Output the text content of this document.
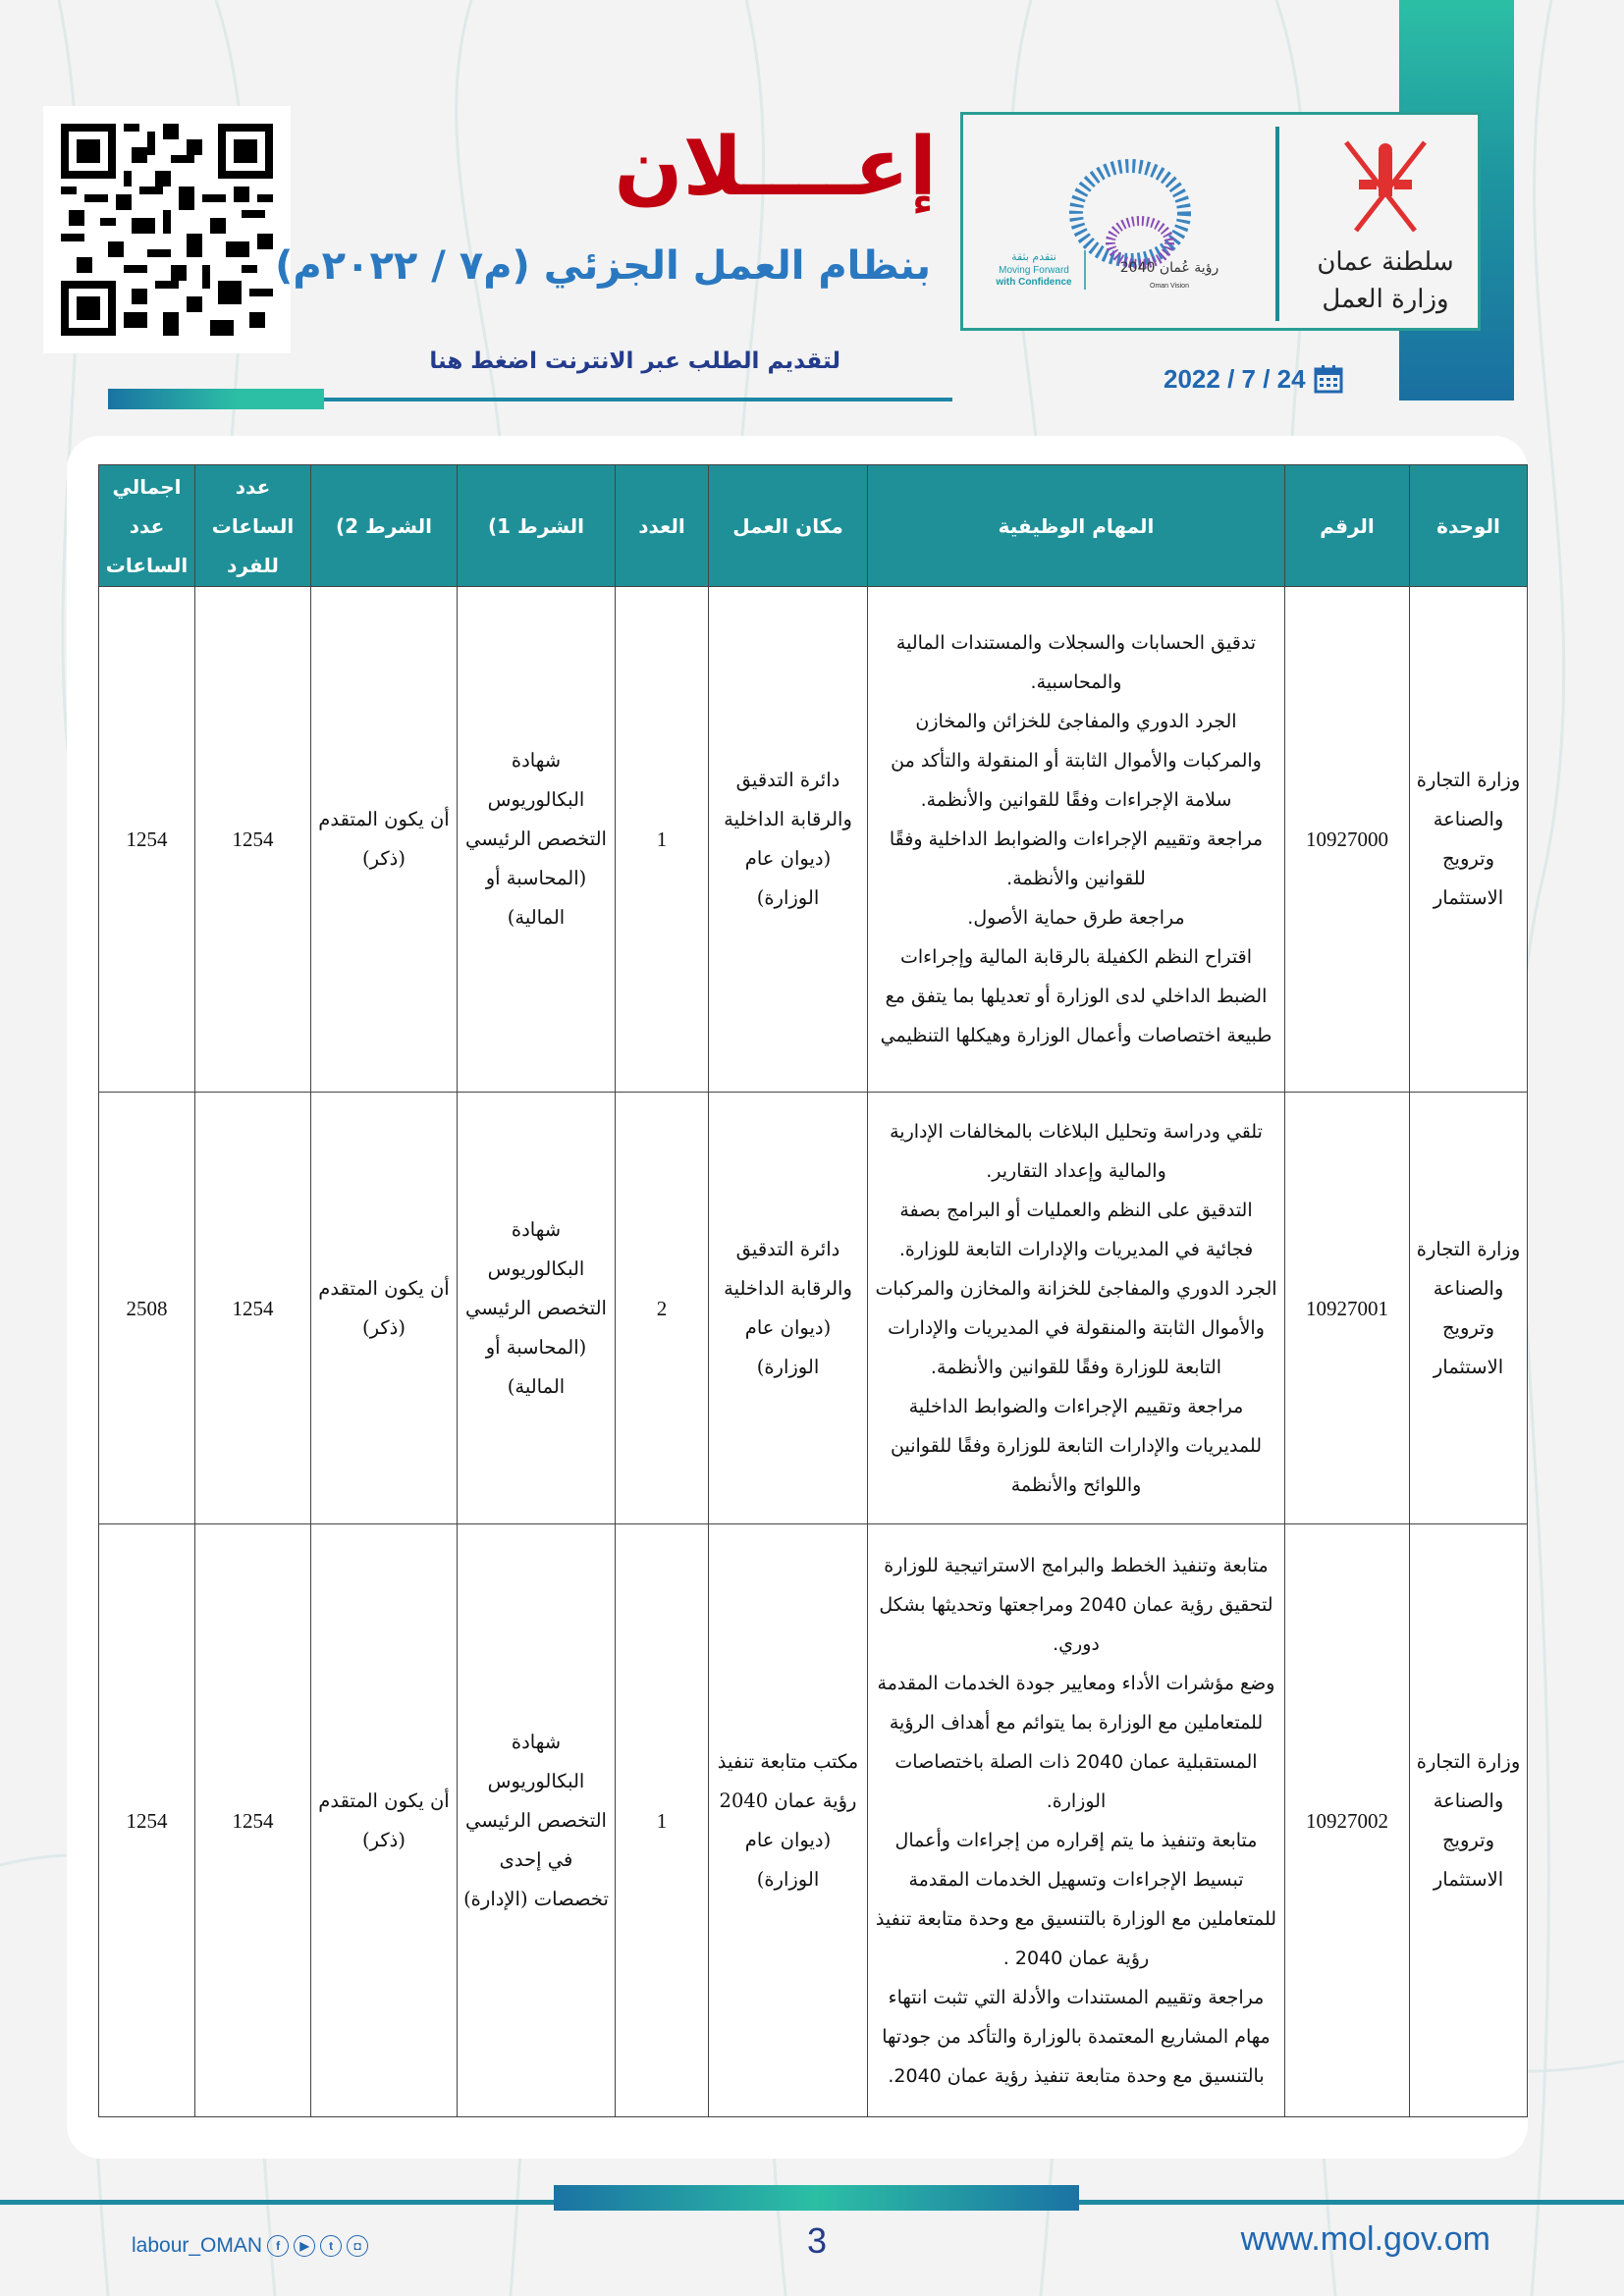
رؤية عُمان 2040
Oman Vision
نتقدم بثقة
Moving Forward
with Confidence
سلطنة عمان
وزارة العمل
2022 / 7 / 24
إعــــلان
بنظام العمل الجزئي (م٧ / ٢٠٢٢م)
لتقديم الطلب عبر الانترنت اضغط هنا
الوحدة	الرقم	المهام الوظيفية	مكان العمل	العدد	الشرط 1)	الشرط 2)	عدد الساعات للفرد	اجمالي عدد الساعات
وزارة التجارة والصناعة وترويج الاستثمار	10927000	تدقيق الحسابات والسجلات والمستندات المالية والمحاسبية.
الجرد الدوري والمفاجئ للخزائن والمخازن والمركبات والأموال الثابتة أو المنقولة والتأكد من سلامة الإجراءات وفقًا للقوانين والأنظمة.
مراجعة وتقييم الإجراءات والضوابط الداخلية وفقًا للقوانين والأنظمة.
مراجعة طرق حماية الأصول.
اقتراح النظم الكفيلة بالرقابة المالية وإجراءات الضبط الداخلي لدى الوزارة أو تعديلها بما يتفق مع طبيعة اختصاصات وأعمال الوزارة وهيكلها التنظيمي	دائرة التدقيق والرقابة الداخلية (ديوان عام الوزارة)	1	شهادة البكالوريوس التخصص الرئيسي (المحاسبة أو المالية)	أن يكون المتقدم (ذكر)	1254	1254
وزارة التجارة والصناعة وترويج الاستثمار	10927001	تلقي ودراسة وتحليل البلاغات بالمخالفات الإدارية والمالية وإعداد التقارير.
التدقيق على النظم والعمليات أو البرامج بصفة فجائية في المديريات والإدارات التابعة للوزارة.
الجرد الدوري والمفاجئ للخزانة والمخازن والمركبات والأموال الثابتة والمنقولة في المديريات والإدارات التابعة للوزارة وفقًا للقوانين والأنظمة.
مراجعة وتقييم الإجراءات والضوابط الداخلية للمديريات والإدارات التابعة للوزارة وفقًا للقوانين واللوائح والأنظمة	دائرة التدقيق والرقابة الداخلية (ديوان عام الوزارة)	2	شهادة البكالوريوس التخصص الرئيسي (المحاسبة أو المالية)	أن يكون المتقدم (ذكر)	1254	2508
وزارة التجارة والصناعة وترويج الاستثمار	10927002	متابعة وتنفيذ الخطط والبرامج الاستراتيجية للوزارة لتحقيق رؤية عمان 2040 ومراجعتها وتحديثها بشكل دوري.
وضع مؤشرات الأداء ومعايير جودة الخدمات المقدمة للمتعاملين مع الوزارة بما يتوائم مع أهداف الرؤية المستقبلية عمان 2040 ذات الصلة باختصاصات الوزارة.
متابعة وتنفيذ ما يتم إقراره من إجراءات وأعمال تبسيط الإجراءات وتسهيل الخدمات المقدمة للمتعاملين مع الوزارة بالتنسيق مع وحدة متابعة تنفيذ رؤية عمان 2040 .
مراجعة وتقييم المستندات والأدلة التي تثبت انتهاء مهام المشاريع المعتمدة بالوزارة والتأكد من جودتها بالتنسيق مع وحدة متابعة تنفيذ رؤية عمان 2040.	مكتب متابعة تنفيذ رؤية عمان 2040 (ديوان عام الوزارة)	1	شهادة البكالوريوس التخصص الرئيسي في إحدى تخصصات (الإدارة)	أن يكون المتقدم (ذكر)	1254	1254
labour_OMAN	f	▶	t	◘	3	www.mol.gov.om
